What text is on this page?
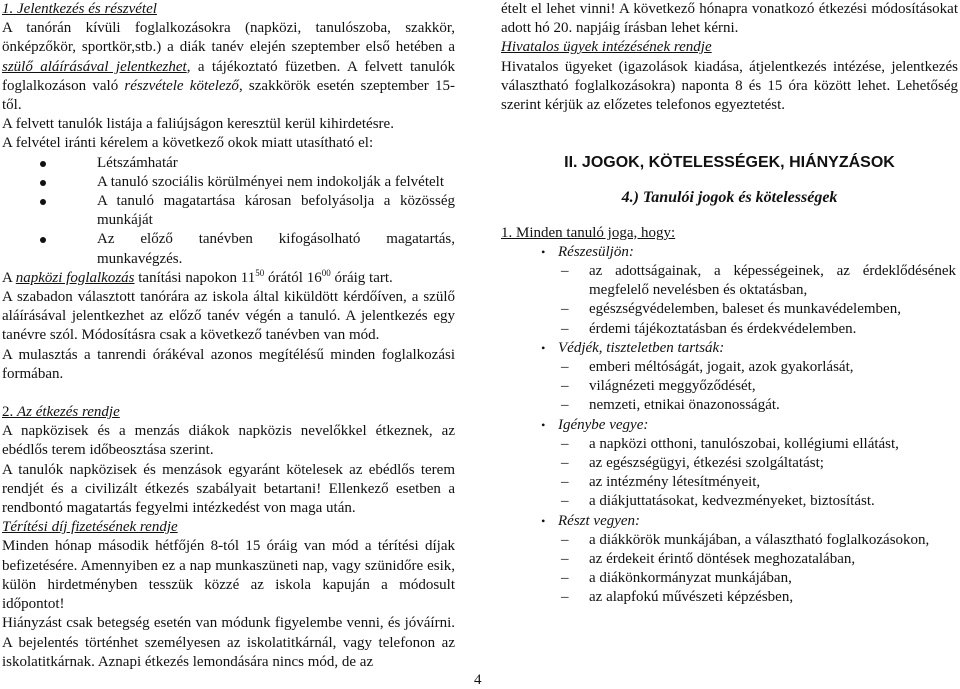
1. Jelentkezés és részvétel

A tanórán kívüli foglalkozásokra (napközi, tanulószoba, szakkör, önképzőkör, sportkör,stb.) a diák tanév elején szeptember első hetében a szülő aláírásával jelentkezhet, a tájékoztató füzetben. A felvett tanulók foglalkozáson való részvétele kötelező, szakkörök esetén szeptember 15-től.

A felvett tanulók listája a faliújságon keresztül kerül kihirdetésre.

A felvétel iránti kérelem a következő okok miatt utasítható el:

Létszámhatár
A tanuló szociális körülményei nem indokolják a felvételt
A tanuló magatartása károsan befolyásolja a közösség munkáját
Az előző tanévben kifogásolható magatartás, munkavégzés.

A napközi foglalkozás tanítási napokon $11^{50}$ órától $16^{00}$ óráig tart.

A szabadon választott tanórára az iskola által kiküldött kérdőíven, a szülő aláírásával jelentkezhet az előző tanév végén a tanuló. A jelentkezés egy tanévre szól. Módosításra csak a következő tanévben van mód.

A mulasztás a tanrendi órákéval azonos megítélésű minden foglalkozási formában.

2. Az étkezés rendje

A napközisek és a menzás diákok napközis nevelőkkel étkeznek, az ebédlős terem időbeosztása szerint.

A tanulók napközisek és menzások egyaránt kötelesek az ebédlős terem rendjét és a civilizált étkezés szabályait betartani! Ellenkező esetben a rendbontó magatartás fegyelmi intézkedést von maga után.

Térítési díj fizetésének rendje

Minden hónap második hétfőjén 8-tól 15 óráig van mód a térítési díjak befizetésére. Amennyiben ez a nap munkaszüneti nap, vagy szünidőre esik, külön hirdetményben tesszük közzé az iskola kapuján a módosult időpontot!

Hiányzást csak betegség esetén van módunk figyelembe venni, és jóváírni. A bejelentés történhet személyesen az iskolatitkárnál, vagy telefonon az iskolatitkárnak. Aznapi étkezés lemondására nincs mód, de az

ételt el lehet vinni! A következő hónapra vonatkozó étkezési módosításokat adott hó 20. napjáig írásban lehet kérni.

Hivatalos ügyek intézésének rendje

Hivatalos ügyeket (igazolások kiadása, átjelentkezés intézése, jelentkezés választható foglalkozásokra) naponta 8 és 15 óra között lehet. Lehetőség szerint kérjük az előzetes telefonos egyeztetést.

II. JOGOK, KÖTELESSÉGEK, HIÁNYZÁSOK

4.) Tanulói jogok és kötelességek

1. Minden tanuló joga, hogy:

• Részesüljön:

– az adottságainak, a képességeinek, az érdeklődésének megfelelő nevelésben és oktatásban,

– egészségvédelemben, baleset és munkavédelemben,

– érdemi tájékoztatásban és érdekvédelemben.

• Védjék, tiszteletben tartsák:

– emberi méltóságát, jogait, azok gyakorlását,

– világnézeti meggyőződését,

– nemzeti, etnikai önazonosságát.

• Igénybe vegye:

– a napközi otthoni, tanulószobai, kollégiumi ellátást,

– az egészségügyi, étkezési szolgáltatást;

– az intézmény létesítményeit,

– a diákjuttatásokat, kedvezményeket, biztosítást.

• Részt vegyen:

– a diákkörök munkájában, a választható foglalkozásokon,

– az érdekeit érintő döntések meghozatalában,

– a diákönkormányzat munkájában,

– az alapfokú művészeti képzésben,

4
